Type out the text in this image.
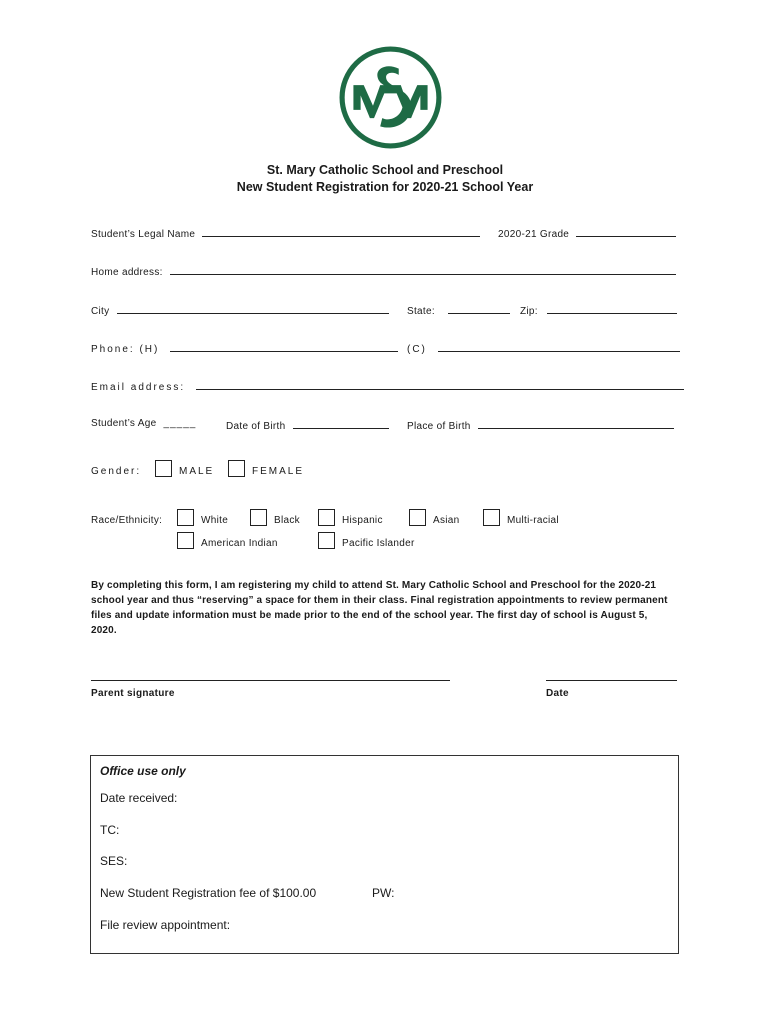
St. Mary Catholic School and Preschool
New Student Registration for 2020-21 School Year
Student’s Legal Name	2020-21 Grade
Home address:
City	State:	Zip:
Phone: (H)	(C)
Email address:
Student’s Age _____	Date of Birth	Place of Birth
Gender:	MALE	FEMALE
Race/Ethnicity:	White	Black	Hispanic	Asian	Multi-racial
American Indian	Pacific Islander
By completing this form, I am registering my child to attend St. Mary Catholic School and Preschool for the 2020-21 school year and thus “reserving” a space for them in their class. Final registration appointments to review permanent files and update information must be made prior to the end of the school year. The first day of school is August 5, 2020.
Parent signature	Date
Office use only
Date received:
TC:
SES:
New Student Registration fee of $100.00	PW:
File review appointment:
